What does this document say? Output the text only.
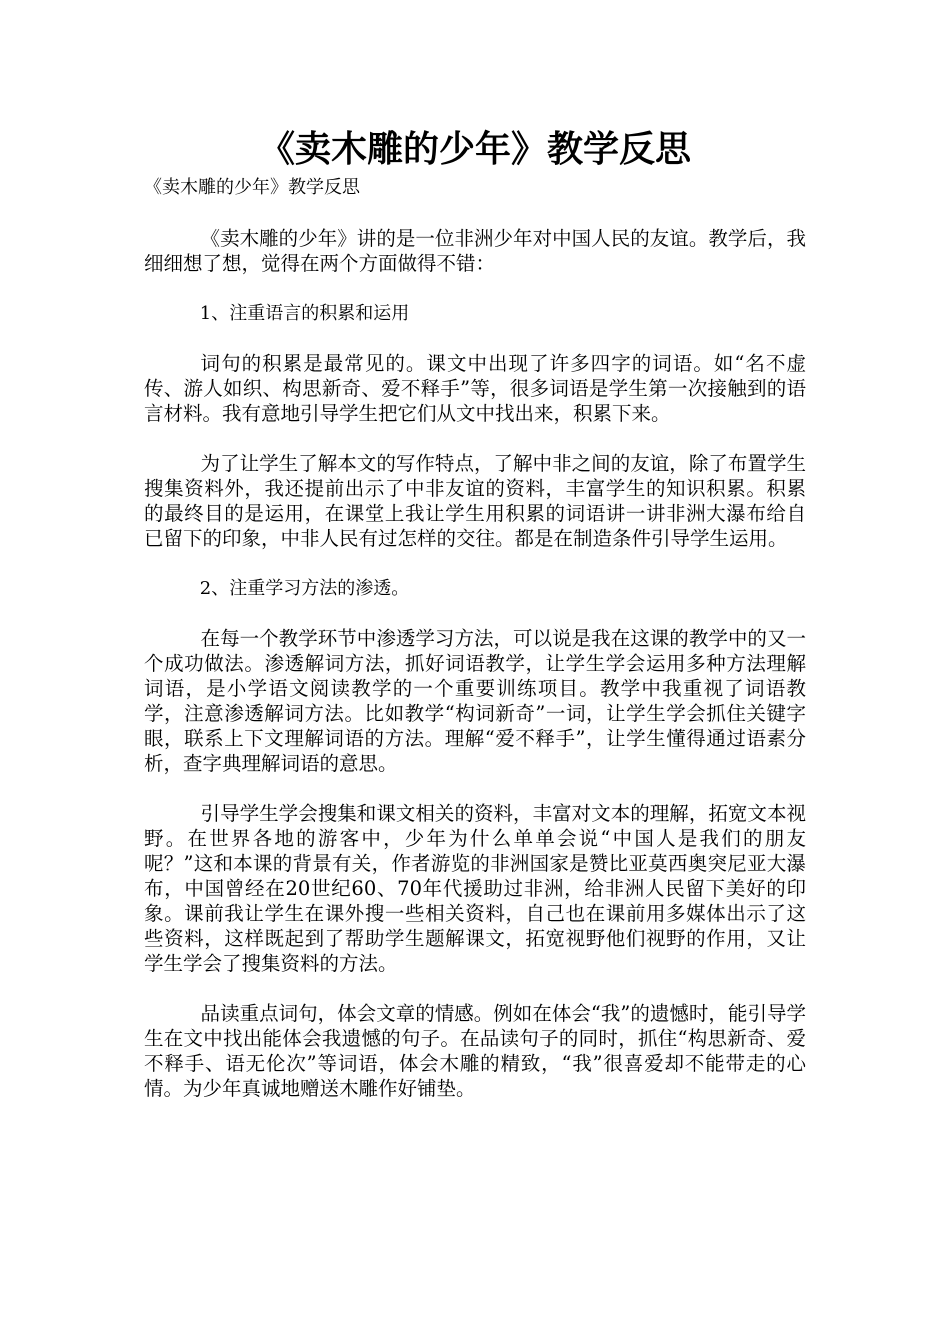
《卖木雕的少年》教学反思

《卖木雕的少年》教学反思

《卖木雕的少年》讲的是一位非洲少年对中国人民的友谊。教学后，我细细想了想，觉得在两个方面做得不错：

1、注重语言的积累和运用

词句的积累是最常见的。课文中出现了许多四字的词语。如“名不虚传、游人如织、构思新奇、爱不释手”等，很多词语是学生第一次接触到的语言材料。我有意地引导学生把它们从文中找出来，积累下来。

为了让学生了解本文的写作特点，了解中非之间的友谊，除了布置学生搜集资料外，我还提前出示了中非友谊的资料，丰富学生的知识积累。积累的最终目的是运用，在课堂上我让学生用积累的词语讲一讲非洲大瀑布给自已留下的印象，中非人民有过怎样的交往。都是在制造条件引导学生运用。

2、注重学习方法的渗透。

在每一个教学环节中渗透学习方法，可以说是我在这课的教学中的又一个成功做法。渗透解词方法，抓好词语教学，让学生学会运用多种方法理解词语，是小学语文阅读教学的一个重要训练项目。教学中我重视了词语教学，注意渗透解词方法。比如教学“构词新奇”一词，让学生学会抓住关键字眼，联系上下文理解词语的方法。理解“爱不释手”，让学生懂得通过语素分析，查字典理解词语的意思。

引导学生学会搜集和课文相关的资料，丰富对文本的理解，拓宽文本视野。在世界各地的游客中，少年为什么单单会说“中国人是我们的朋友呢？”这和本课的背景有关，作者游览的非洲国家是赞比亚莫西奥突尼亚大瀑布，中国曾经在20世纪60、70年代援助过非洲，给非洲人民留下美好的印象。课前我让学生在课外搜一些相关资料，自己也在课前用多媒体出示了这些资料，这样既起到了帮助学生题解课文，拓宽视野他们视野的作用，又让学生学会了搜集资料的方法。

品读重点词句，体会文章的情感。例如在体会“我”的遗憾时，能引导学生在文中找出能体会我遗憾的句子。在品读句子的同时，抓住“构思新奇、爱不释手、语无伦次”等词语，体会木雕的精致，“我”很喜爱却不能带走的心情。为少年真诚地赠送木雕作好铺垫。
